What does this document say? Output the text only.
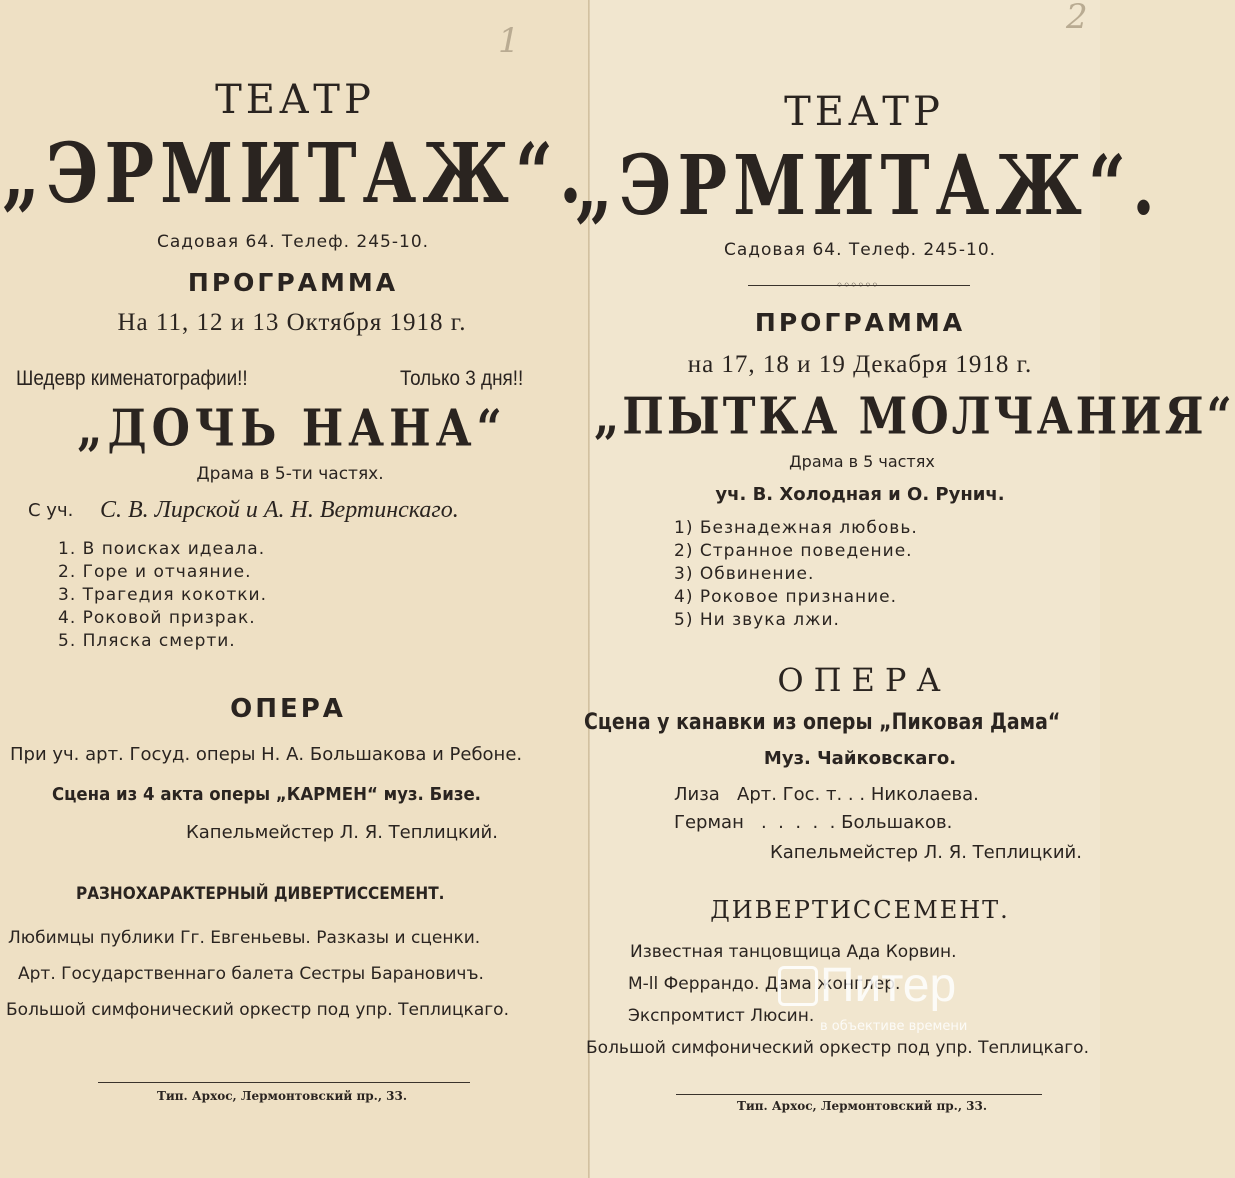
1
ТЕАТР
„ЭРМИТАЖ“.
Садовая 64. Телеф. 245-10.
ПРОГРАММА
На 11, 12 и 13 Октября 1918 г.
Шедевр кименатографии!!	Только 3 дня!!
„ДОЧЬ НАНА“
Драма в 5-ти частях.
С уч. С. В. Лирской и А. Н. Вертинскаго.
1. В поисках идеала.
2. Горе и отчаяние.
3. Трагедия кокотки.
4. Роковой призрак.
5. Пляска смерти.
ОПЕРА
При уч. арт. Госуд. оперы Н. А. Большакова и Ребоне.
Сцена из 4 акта оперы „КАРМЕН“ муз. Бизе.
Капельмейстер Л. Я. Теплицкий.
РАЗНОХАРАКТЕРНЫЙ ДИВЕРТИССЕМЕНТ.
Любимцы публики Гг. Евгеньевы. Разказы и сценки.
Арт. Государственнаго балета Сестры Барановичъ.
Большой симфонический оркестр под упр. Теплицкаго.
Тип. Архос, Лермонтовский пр., 33.
2
ТЕАТР
„ЭРМИТАЖ“.
Садовая 64. Телеф. 245-10.
◦◦◦◦◦◦
ПРОГРАММА
на 17, 18 и 19 Декабря 1918 г.
„ПЫТКА МОЛЧАНИЯ“
Драма в 5 частях
уч. В. Холодная и О. Рунич.
1) Безнадежная любовь.
2) Странное поведение.
3) Обвинение.
4) Роковое признание.
5) Ни звука лжи.
ОПЕРА
Сцена у канавки из оперы „Пиковая Дама“
Муз. Чайковскаго.
Лиза   Арт. Гос. т. . . Николаева.
Герман   .  .  .  .  . Большаков.
Капельмейстер Л. Я. Теплицкий.
ДИВЕРТИССЕМЕНТ.
Известная танцовщица Ада Корвин.
М-ll Феррандо. Дама жонглер.
Экспромтист Люсин.
Большой симфонический оркестр под упр. Теплицкаго.
Тип. Архос, Лермонтовский пр., 33.
Питер
в объективе времени
